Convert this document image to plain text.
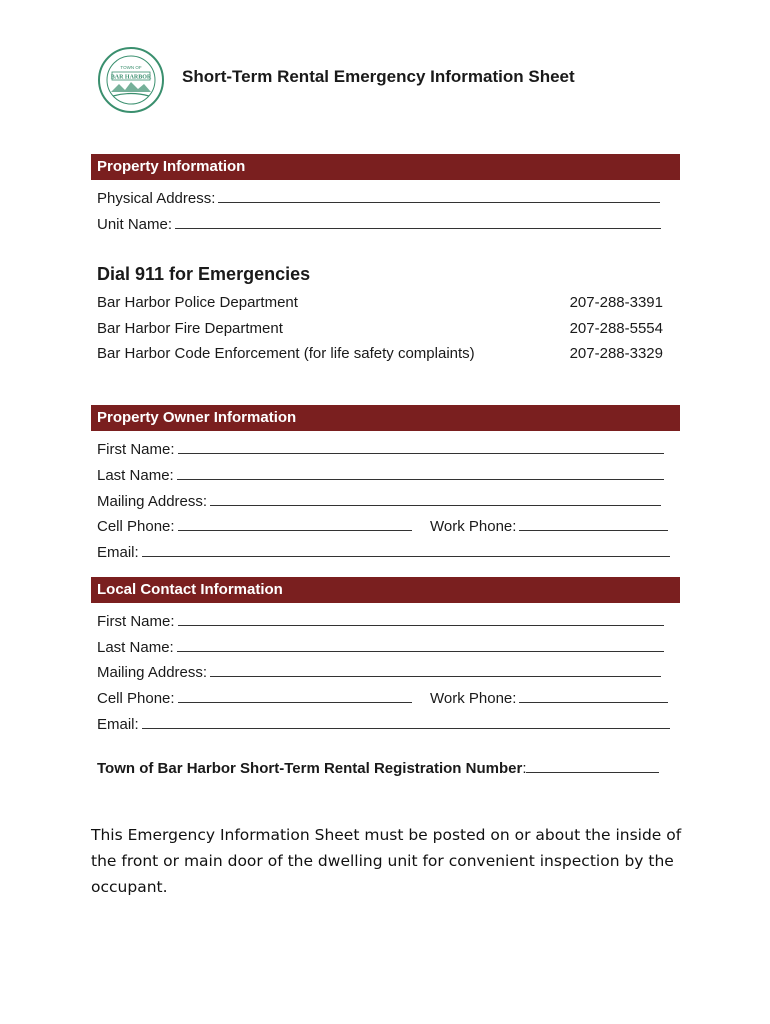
TOWN OF
BAR HARBOR Short-Term Rental Emergency Information Sheet
Property Information
Physical Address:
Unit Name:
Dial 911 for Emergencies
Bar Harbor Police Department	207-288-3391
Bar Harbor Fire Department	207-288-5554
Bar Harbor Code Enforcement (for life safety complaints)	207-288-3329
Property Owner Information
First Name:
Last Name:
Mailing Address:
Cell Phone:	Work Phone:
Email:
Local Contact Information
First Name:
Last Name:
Mailing Address:
Cell Phone:	Work Phone:
Email:
Town of Bar Harbor Short-Term Rental Registration Number:
This Emergency Information Sheet must be posted on or about the inside of the front or main door of the dwelling unit for convenient inspection by the occupant.
